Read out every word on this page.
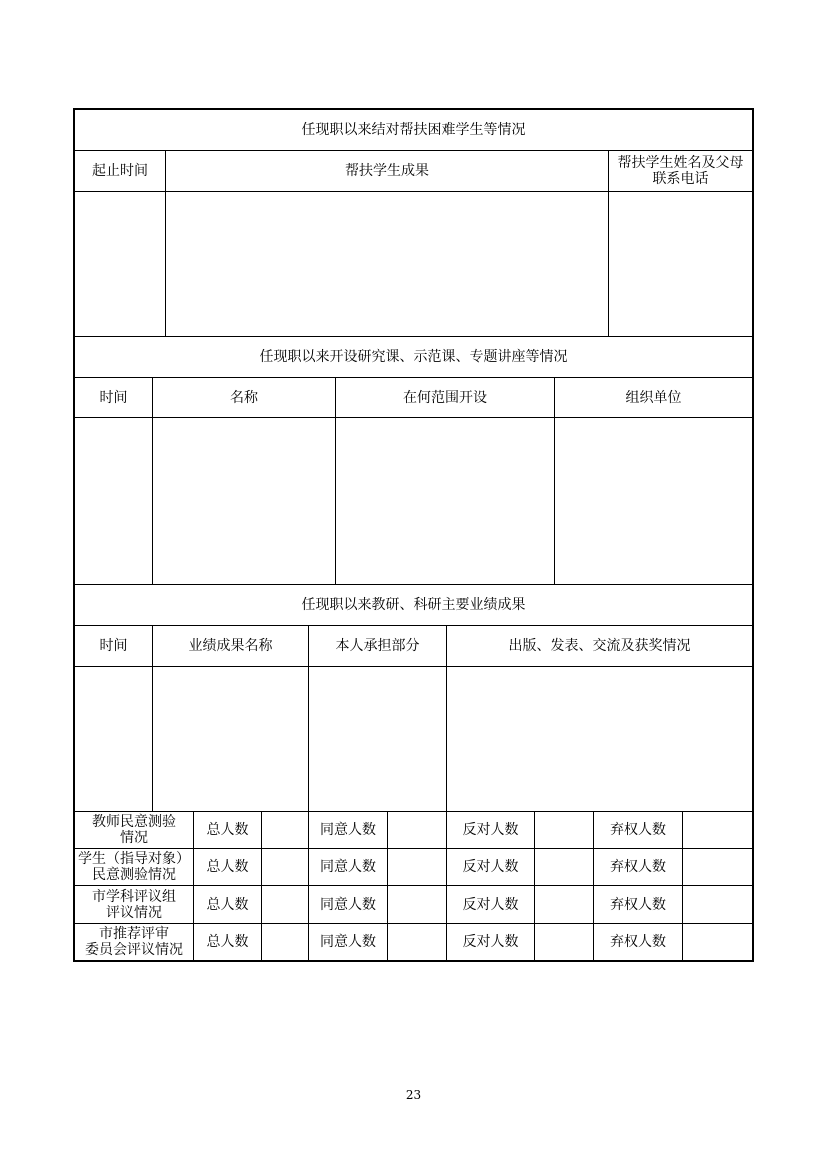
任现职以来结对帮扶困难学生等情况
起止时间	帮扶学生成果	帮扶学生姓名及父母
联系电话
任现职以来开设研究课、示范课、专题讲座等情况
时间	名称	在何范围开设	组织单位
任现职以来教研、科研主要业绩成果
时间	业绩成果名称	本人承担部分	出版、发表、交流及获奖情况
教师民意测验
情况	总人数	同意人数	反对人数	弃权人数
学生（指导对象）
民意测验情况	总人数	同意人数	反对人数	弃权人数
市学科评议组
评议情况	总人数	同意人数	反对人数	弃权人数
市推荐评审
委员会评议情况	总人数	同意人数	反对人数	弃权人数
23
